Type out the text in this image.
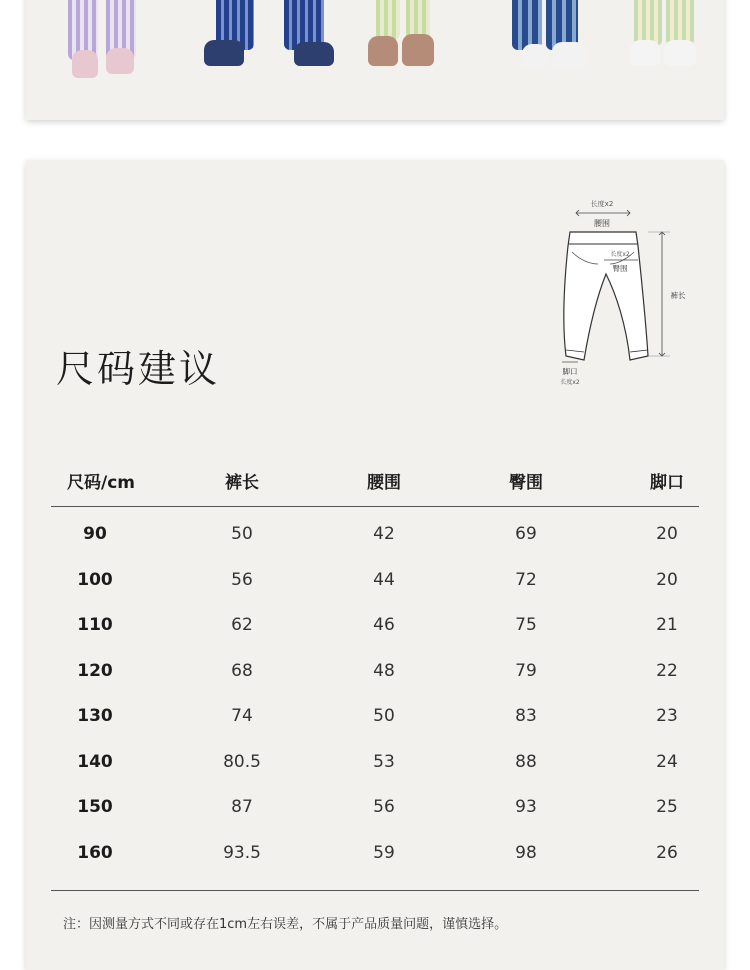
尺码建议
长度x2
腰围
长度x2
臀围
裤长
脚口
长度x2
尺码/cm	裤长	腰围	臀围	脚口
90	50	42	69	20
100	56	44	72	20
110	62	46	75	21
120	68	48	79	22
130	74	50	83	23
140	80.5	53	88	24
150	87	56	93	25
160	93.5	59	98	26
注：因测量方式不同或存在1cm左右误差，不属于产品质量问题，谨慎选择。
